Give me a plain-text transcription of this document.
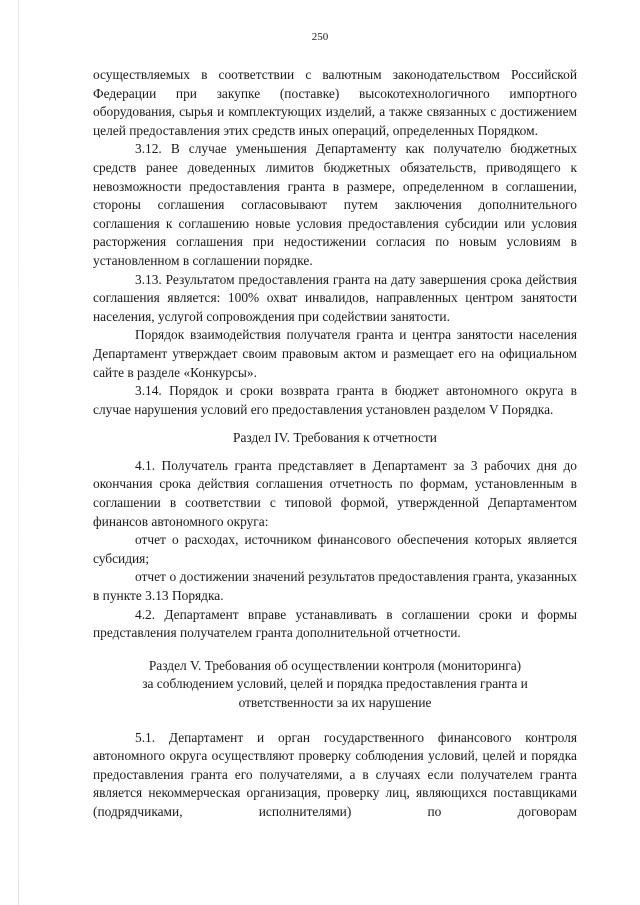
250

осуществляемых в соответствии с валютным законодательством Российской Федерации при закупке (поставке) высокотехнологичного импортного оборудования, сырья и комплектующих изделий, а также связанных с достижением целей предоставления этих средств иных операций, определенных Порядком.

3.12. В случае уменьшения Департаменту как получателю бюджетных средств ранее доведенных лимитов бюджетных обязательств, приводящего к невозможности предоставления гранта в размере, определенном в соглашении, стороны соглашения согласовывают путем заключения дополнительного соглашения к соглашению новые условия предоставления субсидии или условия расторжения соглашения при недостижении согласия по новым условиям в установленном в соглашении порядке.

3.13. Результатом предоставления гранта на дату завершения срока действия соглашения является: 100% охват инвалидов, направленных центром занятости населения, услугой сопровождения при содействии занятости.

Порядок взаимодействия получателя гранта и центра занятости населения Департамент утверждает своим правовым актом и размещает его на официальном сайте в разделе «Конкурсы».

3.14. Порядок и сроки возврата гранта в бюджет автономного округа в случае нарушения условий его предоставления установлен разделом V Порядка.

Раздел IV. Требования к отчетности

4.1. Получатель гранта представляет в Департамент за 3 рабочих дня до окончания срока действия соглашения отчетность по формам, установленным в соглашении в соответствии с типовой формой, утвержденной Департаментом финансов автономного округа:

отчет о расходах, источником финансового обеспечения которых является субсидия;

отчет о достижении значений результатов предоставления гранта, указанных в пункте 3.13 Порядка.

4.2. Департамент вправе устанавливать в соглашении сроки и формы представления получателем гранта дополнительной отчетности.

Раздел V. Требования об осуществлении контроля (мониторинга)
за соблюдением условий, целей и порядка предоставления гранта и
ответственности за их нарушение

5.1. Департамент и орган государственного финансового контроля автономного округа осуществляют проверку соблюдения условий, целей и порядка предоставления гранта его получателями, а в случаях если получателем гранта является некоммерческая организация, проверку лиц, являющихся поставщиками (подрядчиками, исполнителями) по договорам
